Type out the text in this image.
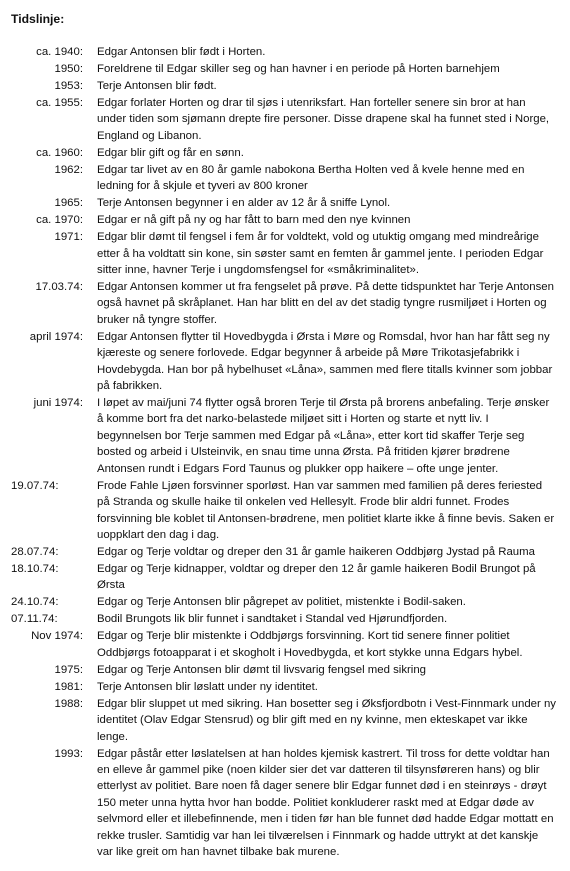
Tidslinje:
ca. 1940: Edgar Antonsen blir født i Horten.
1950: Foreldrene til Edgar skiller seg og han havner i en periode på Horten barnehjem
1953: Terje Antonsen blir født.
ca. 1955: Edgar forlater Horten og drar til sjøs i utenriksfart. Han forteller senere sin bror at han under tiden som sjømann drepte fire personer. Disse drapene skal ha funnet sted i Norge, England og Libanon.
ca. 1960: Edgar blir gift og får en sønn.
1962: Edgar tar livet av en 80 år gamle nabokona Bertha Holten ved å kvele henne med en ledning for å skjule et tyveri av 800 kroner
1965: Terje Antonsen begynner i en alder av 12 år å sniffe Lynol.
ca. 1970: Edgar er nå gift på ny og har fått to barn med den nye kvinnen
1971: Edgar blir dømt til fengsel i fem år for voldtekt, vold og utuktig omgang med mindreårige etter å ha voldtatt sin kone, sin søster samt en femten år gammel jente. I perioden Edgar sitter inne, havner Terje i ungdomsfengsel for «småkriminalitet».
17.03.74: Edgar Antonsen kommer ut fra fengselet på prøve. På dette tidspunktet har Terje Antonsen også havnet på skråplanet. Han har blitt en del av det stadig tyngre rusmiljøet i Horten og bruker nå tyngre stoffer.
april 1974: Edgar Antonsen flytter til Hovedbygda i Ørsta i Møre og Romsdal, hvor han har fått seg ny kjæreste og senere forlovede. Edgar begynner å arbeide på Møre Trikotasjefabrikk i Hovdebygda. Han bor på hybelhuset «Låna», sammen med flere titalls kvinner som jobbar på fabrikken.
juni 1974: I løpet av mai/juni 74 flytter også broren Terje til Ørsta på brorens anbefaling. Terje ønsker å komme bort fra det narko-belastede miljøet sitt i Horten og starte et nytt liv. I begynnelsen bor Terje sammen med Edgar på «Låna», etter kort tid skaffer Terje seg bosted og arbeid i Ulsteinvik, en snau time unna Ørsta. På fritiden kjører brødrene Antonsen rundt i Edgars Ford Taunus og plukker opp haikere – ofte unge jenter.
19.07.74:	Frode Fahle Ljøen forsvinner sporløst. Han var sammen med familien på deres feriested på Stranda og skulle haike til onkelen ved Hellesylt. Frode blir aldri funnet. Frodes forsvinning ble koblet til Antonsen-brødrene, men politiet klarte ikke å finne bevis. Saken er uoppklart den dag i dag.
28.07.74:	Edgar og Terje voldtar og dreper den 31 år gamle haikeren Oddbjørg Jystad på Rauma
18.10.74:	Edgar og Terje kidnapper, voldtar og dreper den 12 år gamle haikeren Bodil Brungot på Ørsta
24.10.74:	Edgar og Terje Antonsen blir pågrepet av politiet, mistenkte i Bodil-saken.
07.11.74:	Bodil Brungots lik blir funnet i sandtaket i Standal ved Hjørundfjorden.
Nov 1974: Edgar og Terje blir mistenkte i Oddbjørgs forsvinning. Kort tid senere finner politiet Oddbjørgs fotoapparat i et skogholt i Hovedbygda, et kort stykke unna Edgars hybel.
1975: Edgar og Terje Antonsen blir dømt til livsvarig fengsel med sikring
1981: Terje Antonsen blir løslatt under ny identitet.
1988: Edgar blir sluppet ut med sikring. Han bosetter seg i Øksfjordbotn i Vest-Finnmark under ny identitet (Olav Edgar Stensrud) og blir gift med en ny kvinne, men ekteskapet var ikke lenge.
1993: Edgar påstår etter løslatelsen at han holdes kjemisk kastrert. Til tross for dette voldtar han en elleve år gammel pike (noen kilder sier det var datteren til tilsynsføreren hans) og blir etterlyst av politiet. Bare noen få dager senere blir Edgar funnet død i en steinrøys - drøyt 150 meter unna hytta hvor han bodde. Politiet konkluderer raskt med at Edgar døde av selvmord eller et illebefinnende, men i tiden før han ble funnet død hadde Edgar mottatt en rekke trusler. Samtidig var han lei tilværelsen i Finnmark og hadde uttrykt at det kanskje var like greit om han havnet tilbake bak murene.
